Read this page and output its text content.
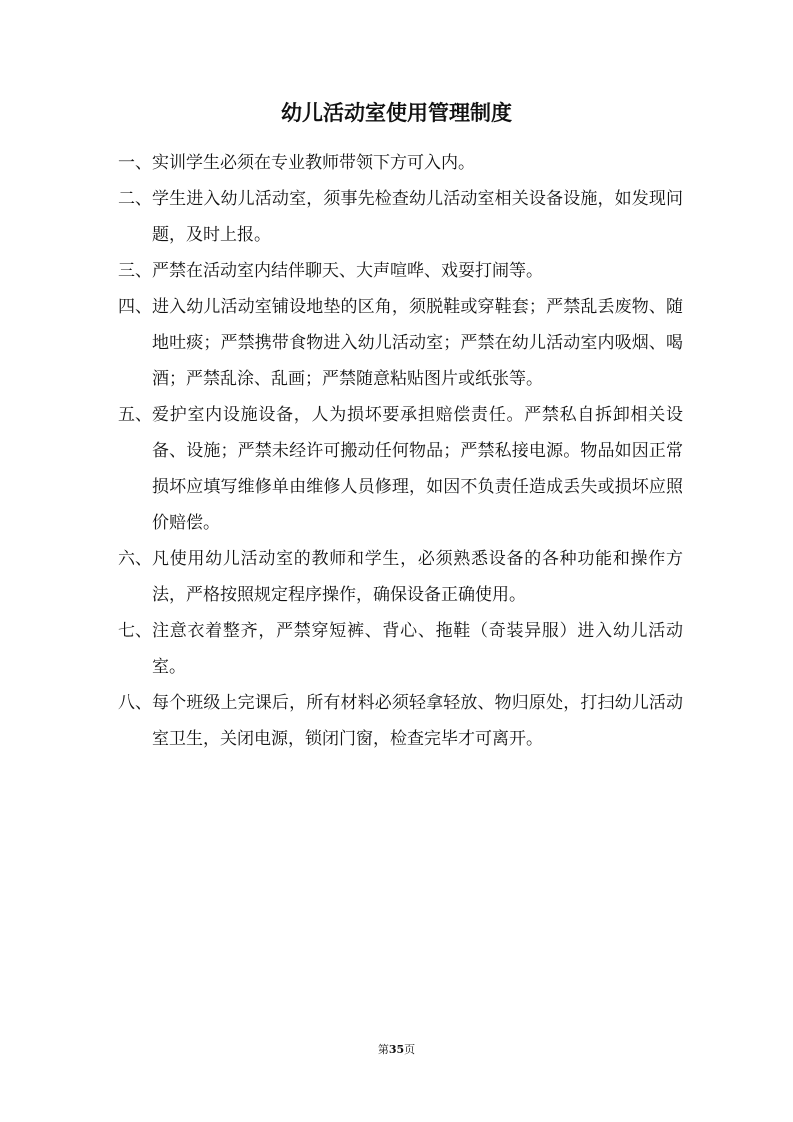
幼儿活动室使用管理制度
一、 实训学生必须在专业教师带领下方可入内。
二、 学生进入幼儿活动室，须事先检查幼儿活动室相关设备设施，如发现问题，及时上报。
三、 严禁在活动室内结伴聊天、大声喧哗、戏耍打闹等。
四、 进入幼儿活动室铺设地垫的区角，须脱鞋或穿鞋套；严禁乱丢废物、随地吐痰；严禁携带食物进入幼儿活动室；严禁在幼儿活动室内吸烟、喝酒；严禁乱涂、乱画；严禁随意粘贴图片或纸张等。
五、 爱护室内设施设备，人为损坏要承担赔偿责任。严禁私自拆卸相关设备、设施；严禁未经许可搬动任何物品；严禁私接电源。物品如因正常损坏应填写维修单由维修人员修理，如因不负责任造成丢失或损坏应照价赔偿。
六、 凡使用幼儿活动室的教师和学生，必须熟悉设备的各种功能和操作方法，严格按照规定程序操作，确保设备正确使用。
七、 注意衣着整齐，严禁穿短裤、背心、拖鞋（奇装异服）进入幼儿活动室。
八、 每个班级上完课后，所有材料必须轻拿轻放、物归原处，打扫幼儿活动室卫生，关闭电源，锁闭门窗，检查完毕才可离开。
第35页
